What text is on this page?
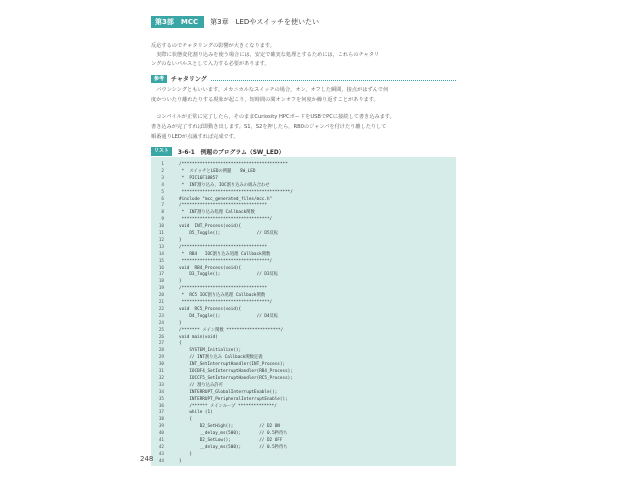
第3部　MCC	第3章　LEDやスイッチを使いたい
反応するのでチャタリングの影響が大きくなります。
　実際に状態変化割り込みを使う場合には，安定で確実な処理とするためには，これらのチャタリ
ングのないパルスとして入力する必要があります。
参考	チャタリング
　バウンシングともいいます。メカニカルなスイッチの場合，オン，オフした瞬間，接点がはずんで何
度かついたり離れたりする現象が起こり，短時間の間オンオフを何度か繰り返すことがあります。
　コンパイルが正常に完了したら，そのままCuriosity HPCボードをUSBでPCに接続して書き込みます。
書き込みが完了すれば即動き出します。S1，S2を押したら，RB0のジャンパを付けたり離したりして
順番通りLEDが点滅すれば完成です。
リスト	3-6-1　例題のプログラム（SW_LED）
1	/*****************************************
2	*  スイッチとLEDの例題　　SW_LED
3	*  PIC16F18857
4	*  INT割り込み，IOC割り込みの組み合わせ
5	******************************************/
6	#include "mcc_generated_files/mcc.h"
7	/*********************************
8	*  INT割り込み処理 Callback関数
9	**********************************/
10	void  INT_Process(void){
11	D5_Toggle();              // D5反転
12	}
13	/*********************************
14	*  RB4   IOC割り込み処理 Callback関数
15	**********************************/
16	void  RB4_Process(void){
17	D3_Toggle();              // D3反転
18	}
19	/*********************************
20	*  RC5 IOC割り込み処理 Callback関数
21	**********************************/
22	void  RC5_Process(void){
23	D4_Toggle();              // D4反転
24	}
25	/******* メイン関数 *********************/
26	void main(void)
27	{
28	SYSTEM_Initialize();
29	// INT割り込み Callback関数定義
30	INT_SetInterruptHandler(INT_Process);
31	IOCBF4_SetInterruptHandler(RB4_Process);
32	IOCCF5_SetInterruptHandler(RC5_Process);
33	// 割り込み許可
34	INTERRUPT_GlobalInterruptEnable();
35	INTERRUPT_PeripheralInterruptEnable();
36	/****** メインループ **************/
37	while (1)
38	{
39	D2_SetHigh();          // D2 ON
40	__delay_ms(500);       // 0.5秒待ち
41	D2_SetLow();           // D2 OFF
42	__delay_ms(500);       // 0.5秒待ち
43	}
44	}
248
